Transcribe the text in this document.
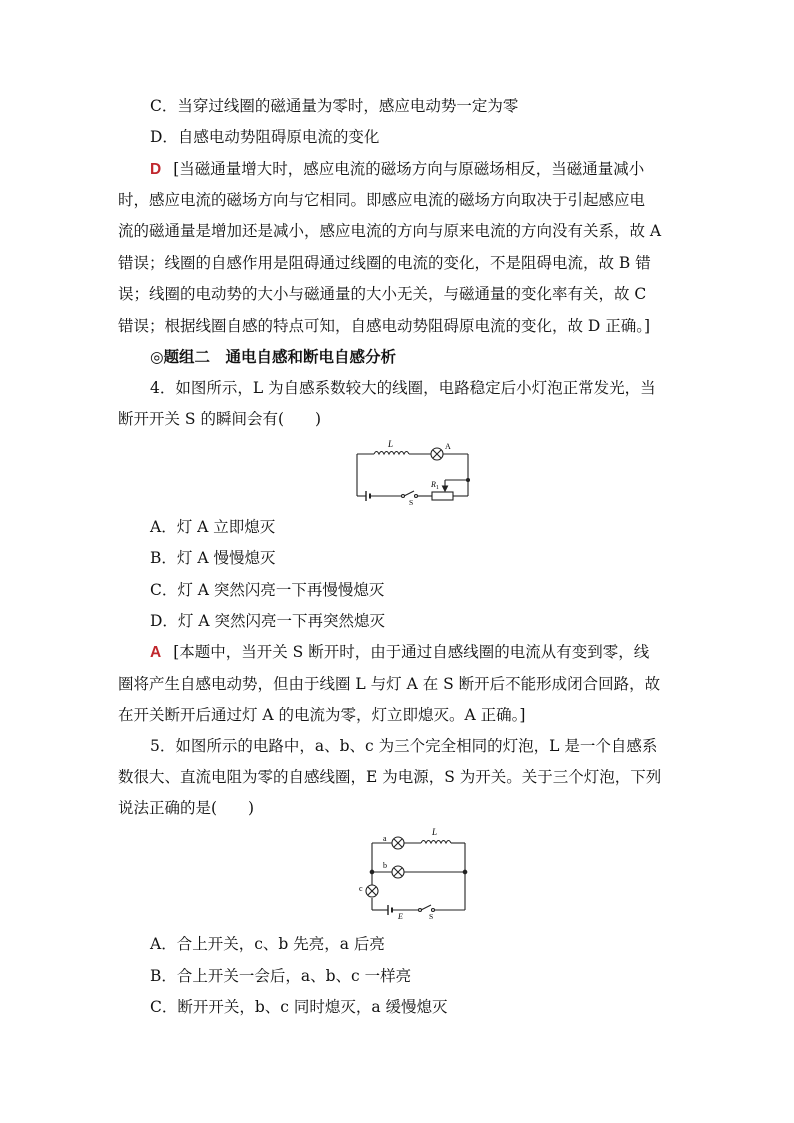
C．当穿过线圈的磁通量为零时，感应电动势一定为零
D．自感电动势阻碍原电流的变化
D [当磁通量增大时，感应电流的磁场方向与原磁场相反，当磁通量减小
时，感应电流的磁场方向与它相同。即感应电流的磁场方向取决于引起感应电
流的磁通量是增加还是减小，感应电流的方向与原来电流的方向没有关系，故 A
错误；线圈的自感作用是阻碍通过线圈的电流的变化，不是阻碍电流，故 B 错
误；线圈的电动势的大小与磁通量的大小无关，与磁通量的变化率有关，故 C
错误；根据线圈自感的特点可知，自感电动势阻碍原电流的变化，故 D 正确。]
◎题组二　通电自感和断电自感分析
4．如图所示，L 为自感系数较大的线圈，电路稳定后小灯泡正常发光，当
断开开关 S 的瞬间会有(　　)
L	A
$R_1$
S
A．灯 A 立即熄灭
B．灯 A 慢慢熄灭
C．灯 A 突然闪亮一下再慢慢熄灭
D．灯 A 突然闪亮一下再突然熄灭
A [本题中，当开关 S 断开时，由于通过自感线圈的电流从有变到零，线
圈将产生自感电动势，但由于线圈 L 与灯 A 在 S 断开后不能形成闭合回路，故
在开关断开后通过灯 A 的电流为零，灯立即熄灭。A 正确。]
5．如图所示的电路中，a、b、c 为三个完全相同的灯泡，L 是一个自感系
数很大、直流电阻为零的自感线圈，E 为电源，S 为开关。关于三个灯泡，下列
说法正确的是(　　)
a
b
c
L
E	S
A．合上开关，c、b 先亮，a 后亮
B．合上开关一会后，a、b、c 一样亮
C．断开开关，b、c 同时熄灭，a 缓慢熄灭
